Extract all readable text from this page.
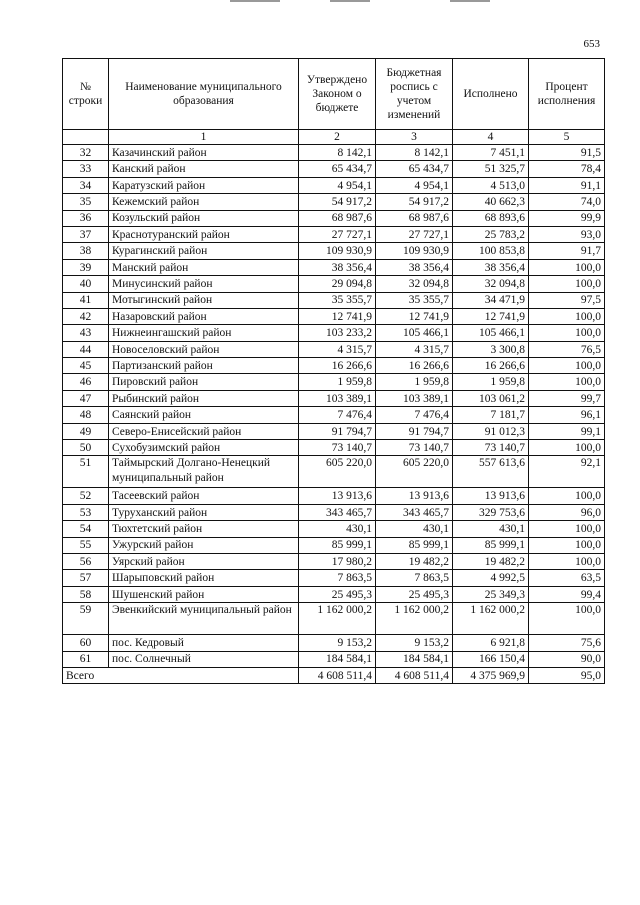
653
№ строки	Наименование муниципального образования	Утверждено Законом о бюджете	Бюджетная роспись с учетом изменений	Исполнено	Процент исполнения
	1	2	3	4	5
32	Казачинский район	8 142,1	8 142,1	7 451,1	91,5
33	Канский район	65 434,7	65 434,7	51 325,7	78,4
34	Каратузский район	4 954,1	4 954,1	4 513,0	91,1
35	Кежемский район	54 917,2	54 917,2	40 662,3	74,0
36	Козульский район	68 987,6	68 987,6	68 893,6	99,9
37	Краснотуранский район	27 727,1	27 727,1	25 783,2	93,0
38	Курагинский район	109 930,9	109 930,9	100 853,8	91,7
39	Манский район	38 356,4	38 356,4	38 356,4	100,0
40	Минусинский район	29 094,8	32 094,8	32 094,8	100,0
41	Мотыгинский район	35 355,7	35 355,7	34 471,9	97,5
42	Назаровский район	12 741,9	12 741,9	12 741,9	100,0
43	Нижнеингашский район	103 233,2	105 466,1	105 466,1	100,0
44	Новоселовский район	4 315,7	4 315,7	3 300,8	76,5
45	Партизанский район	16 266,6	16 266,6	16 266,6	100,0
46	Пировский район	1 959,8	1 959,8	1 959,8	100,0
47	Рыбинский район	103 389,1	103 389,1	103 061,2	99,7
48	Саянский район	7 476,4	7 476,4	7 181,7	96,1
49	Северо-Енисейский район	91 794,7	91 794,7	91 012,3	99,1
50	Сухобузимский район	73 140,7	73 140,7	73 140,7	100,0
51	Таймырский Долгано-Ненецкий муниципальный район	605 220,0	605 220,0	557 613,6	92,1
52	Тасеевский район	13 913,6	13 913,6	13 913,6	100,0
53	Туруханский район	343 465,7	343 465,7	329 753,6	96,0
54	Тюхтетский район	430,1	430,1	430,1	100,0
55	Ужурский район	85 999,1	85 999,1	85 999,1	100,0
56	Уярский район	17 980,2	19 482,2	19 482,2	100,0
57	Шарыповский район	7 863,5	7 863,5	4 992,5	63,5
58	Шушенский район	25 495,3	25 495,3	25 349,3	99,4
59	Эвенкийский муниципальный район	1 162 000,2	1 162 000,2	1 162 000,2	100,0
60	пос. Кедровый	9 153,2	9 153,2	6 921,8	75,6
61	пос. Солнечный	184 584,1	184 584,1	166 150,4	90,0
Всего		4 608 511,4	4 608 511,4	4 375 969,9	95,0
